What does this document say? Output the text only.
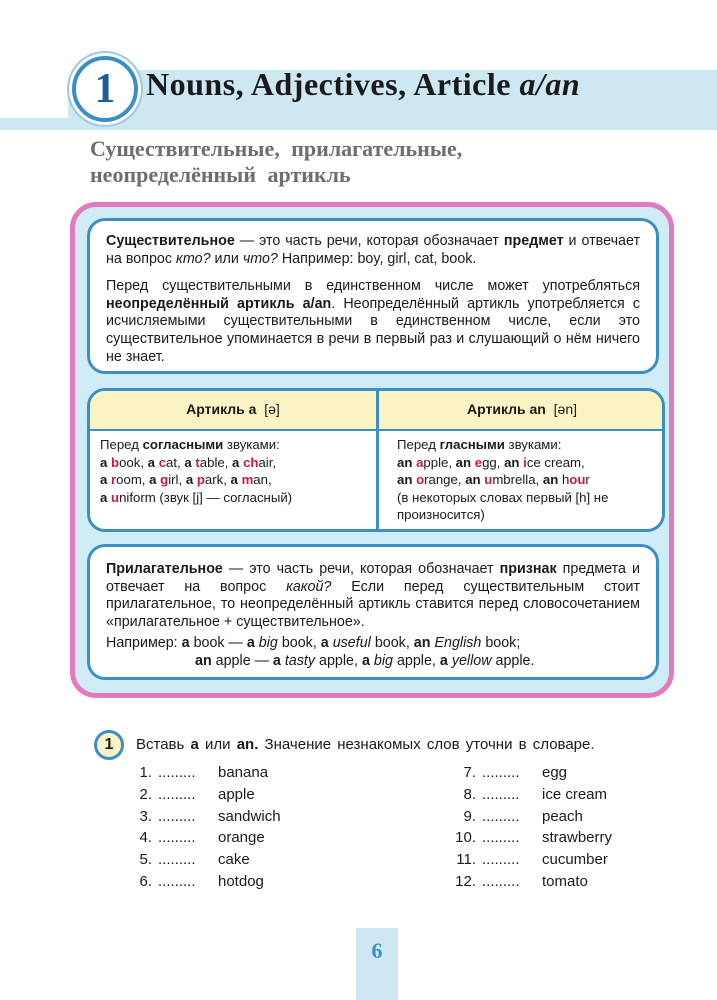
1 Nouns, Adjectives, Article a/an
Существительные, прилагательные,
неопределённый артикль

Существительное — это часть речи, которая обозначает предмет и отвечает на вопрос кто? или что? Например: boy, girl, cat, book.

Перед существительными в единственном числе может употребляться неопределённый артикль a/an. Неопределённый артикль употребляется с исчисляемыми существительными в единственном числе, если это существительное упоминается в речи в первый раз и слушающий о нём ничего не знает.

Артикль a [ə]	Артикль an [ən]
Перед согласными звуками:
a book, a cat, a table, a chair,
a room, a girl, a park, a man,
a uniform (звук [j] — согласный)
Перед гласными звуками:
an apple, an egg, an ice cream,
an orange, an umbrella, an hour
(в некоторых словах первый [h] не произносится)

Прилагательное — это часть речи, которая обозначает признак предмета и отвечает на вопрос какой? Если перед существительным стоит прилагательное, то неопределённый артикль ставится перед словосочетанием «прилагательное + существительное».

Например: a book — a big book, a useful book, an English book;
an apple — a tasty apple, a big apple, a yellow apple.

1	Вставь a или an. Значение незнакомых слов уточни в словаре.
1. .........	banana
2. .........	apple
3. .........	sandwich
4. .........	orange
5. .........	cake
6. .........	hotdog
7. .........	egg
8. .........	ice cream
9. .........	peach
10. .........	strawberry
11. .........	cucumber
12. .........	tomato
6
